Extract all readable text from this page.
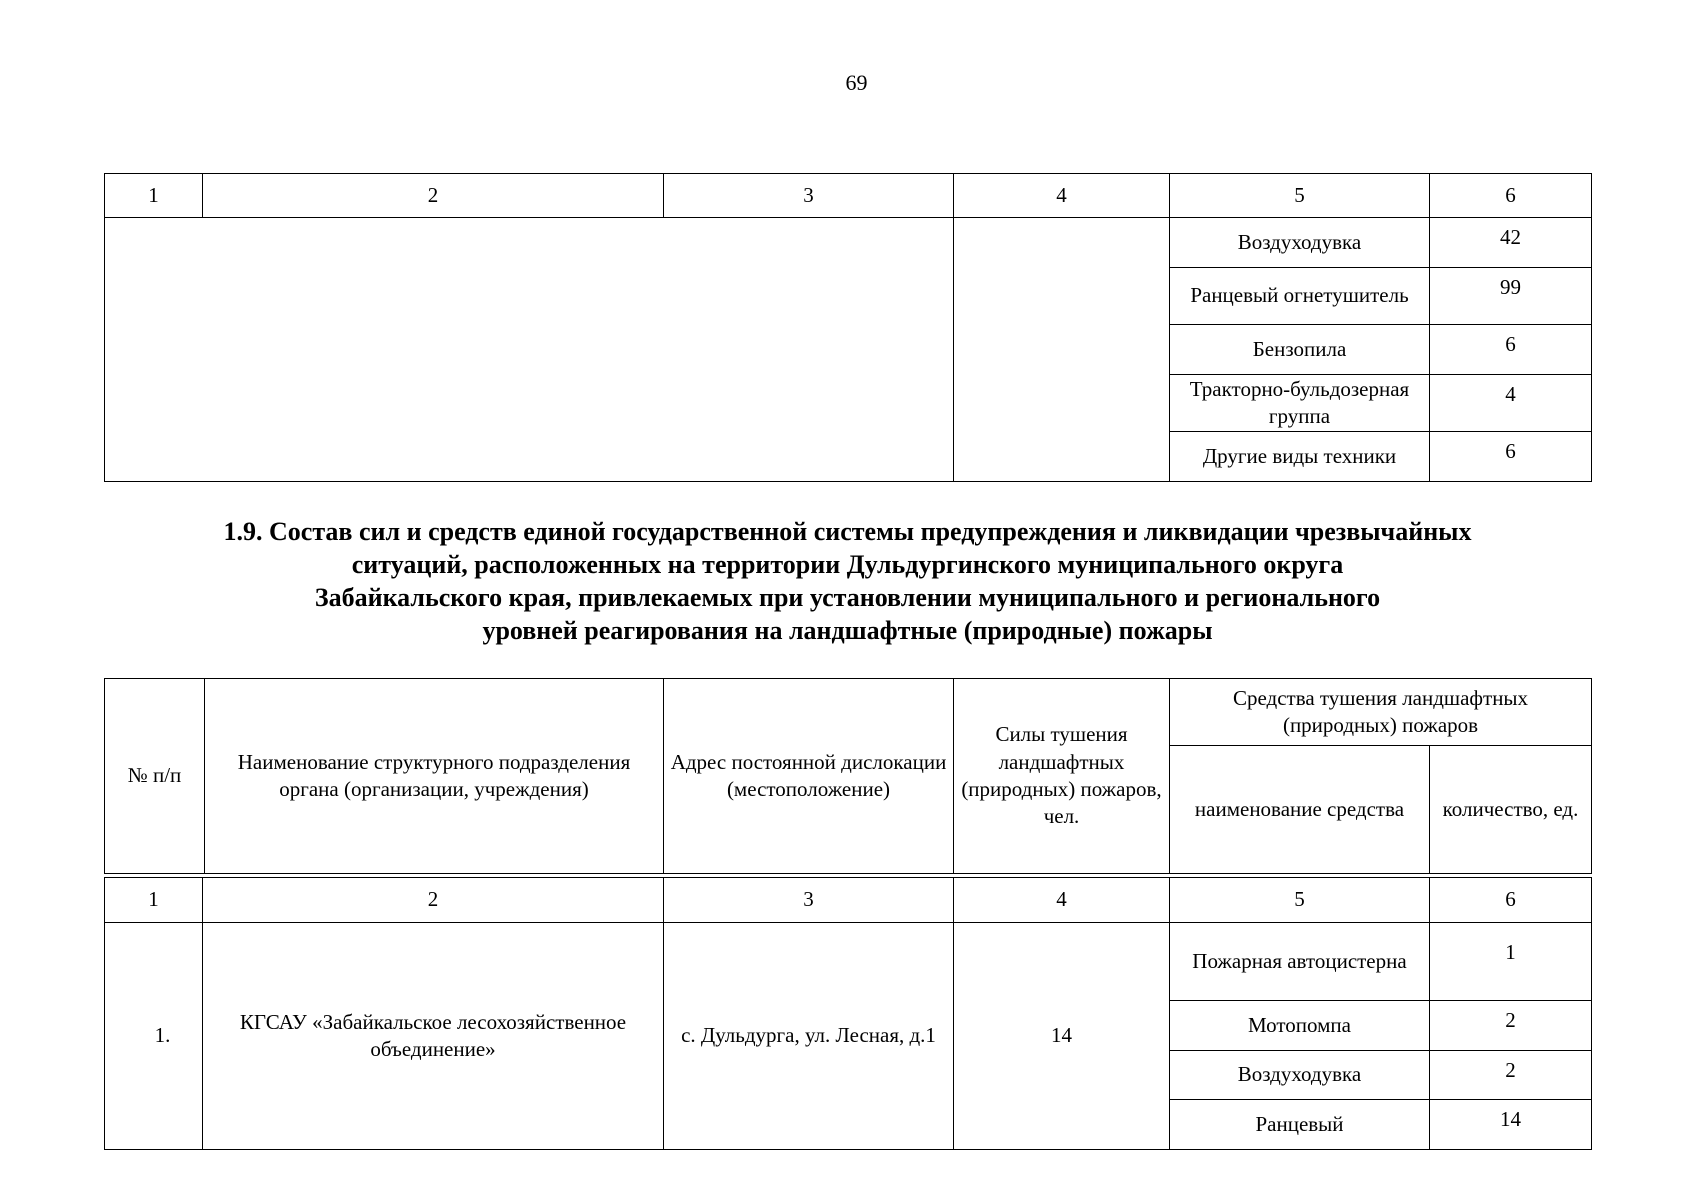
69
1	2	3	4	5	6
				Воздуходувка	42
				Ранцевый огнетушитель	99
				Бензопила	6
				Тракторно-бульдозерная группа	4
				Другие виды техники	6
1.9. Состав сил и средств единой государственной системы предупреждения и ликвидации чрезвычайных
ситуаций, расположенных на территории Дульдургинского муниципального округа
Забайкальского края, привлекаемых при установлении муниципального и регионального
уровней реагирования на ландшафтные (природные) пожары
№ п/п	Наименование структурного подразделения органа (организации, учреждения)	Адрес постоянной дислокации (местоположение)	Силы тушения ландшафтных (природных) пожаров, чел.	Средства тушения ландшафтных (природных) пожаров	
				наименование средства	количество, ед.
1	2	3	4	5	6
1.	КГСАУ «Забайкальское лесохозяйственное объединение»	с. Дульдурга, ул. Лесная, д.1	14	Пожарная автоцистерна	1
				Мотопомпа	2
				Воздуходувка	2
				Ранцевый	14
